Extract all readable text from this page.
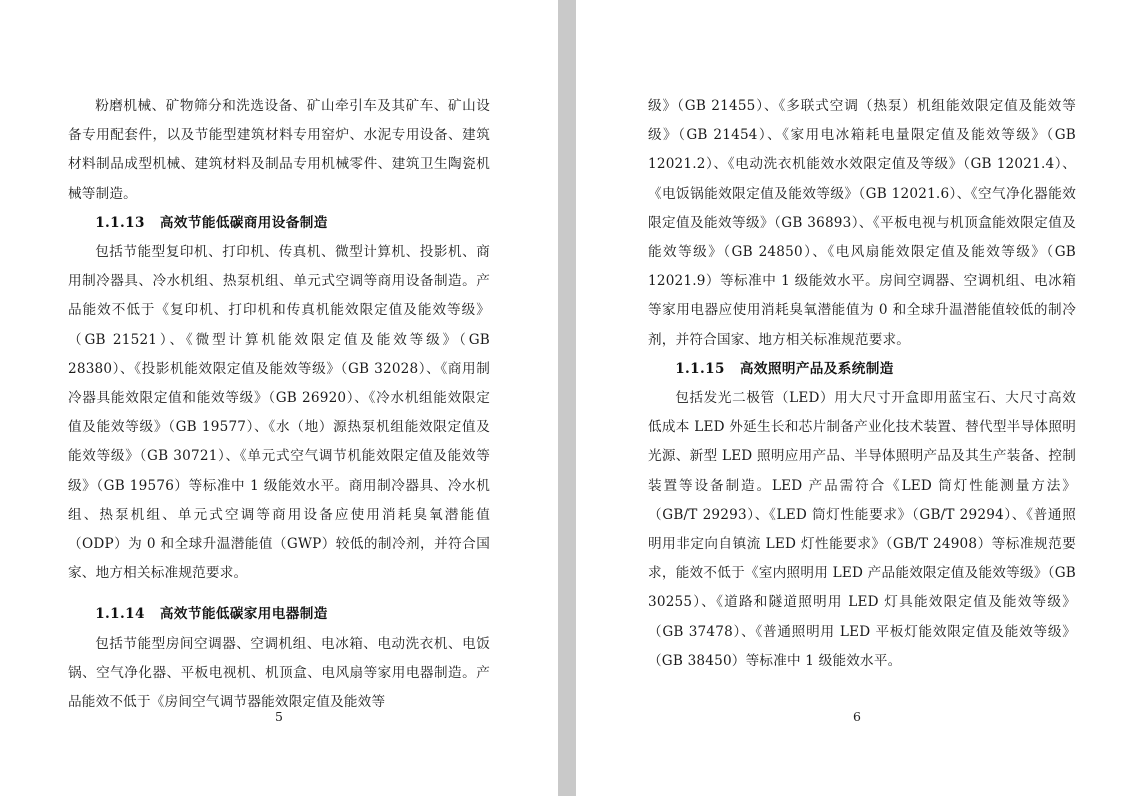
粉磨机械、矿物筛分和洗选设备、矿山牵引车及其矿车、矿山设备专用配套件，以及节能型建筑材料专用窑炉、水泥专用设备、建筑材料制品成型机械、建筑材料及制品专用机械零件、建筑卫生陶瓷机械等制造。

1.1.13 高效节能低碳商用设备制造

包括节能型复印机、打印机、传真机、微型计算机、投影机、商用制冷器具、冷水机组、热泵机组、单元式空调等商用设备制造。产品能效不低于《复印机、打印机和传真机能效限定值及能效等级》（GB 21521）、《微型计算机能效限定值及能效等级》（GB 28380）、《投影机能效限定值及能效等级》（GB 32028）、《商用制冷器具能效限定值和能效等级》（GB 26920）、《冷水机组能效限定值及能效等级》（GB 19577）、《水（地）源热泵机组能效限定值及能效等级》（GB 30721）、《单元式空气调节机能效限定值及能效等级》（GB 19576）等标准中 1 级能效水平。商用制冷器具、冷水机组、热泵机组、单元式空调等商用设备应使用消耗臭氧潜能值（ODP）为 0 和全球升温潜能值（GWP）较低的制冷剂，并符合国家、地方相关标准规范要求。

1.1.14 高效节能低碳家用电器制造

包括节能型房间空调器、空调机组、电冰箱、电动洗衣机、电饭锅、空气净化器、平板电视机、机顶盒、电风扇等家用电器制造。产品能效不低于《房间空气调节器能效限定值及能效等

5

级》（GB 21455）、《多联式空调（热泵）机组能效限定值及能效等级》（GB 21454）、《家用电冰箱耗电量限定值及能效等级》（GB 12021.2）、《电动洗衣机能效水效限定值及等级》（GB 12021.4）、《电饭锅能效限定值及能效等级》（GB 12021.6）、《空气净化器能效限定值及能效等级》（GB 36893）、《平板电视与机顶盒能效限定值及能效等级》（GB 24850）、《电风扇能效限定值及能效等级》（GB 12021.9）等标准中 1 级能效水平。房间空调器、空调机组、电冰箱等家用电器应使用消耗臭氧潜能值为 0 和全球升温潜能值较低的制冷剂，并符合国家、地方相关标准规范要求。

1.1.15 高效照明产品及系统制造

包括发光二极管（LED）用大尺寸开盒即用蓝宝石、大尺寸高效低成本 LED 外延生长和芯片制备产业化技术装置、替代型半导体照明光源、新型 LED 照明应用产品、半导体照明产品及其生产装备、控制装置等设备制造。LED 产品需符合《LED 筒灯性能测量方法》（GB/T 29293）、《LED 筒灯性能要求》（GB/T 29294）、《普通照明用非定向自镇流 LED 灯性能要求》（GB/T 24908）等标准规范要求，能效不低于《室内照明用 LED 产品能效限定值及能效等级》（GB 30255）、《道路和隧道照明用 LED 灯具能效限定值及能效等级》（GB 37478）、《普通照明用 LED 平板灯能效限定值及能效等级》（GB 38450）等标准中 1 级能效水平。

6
